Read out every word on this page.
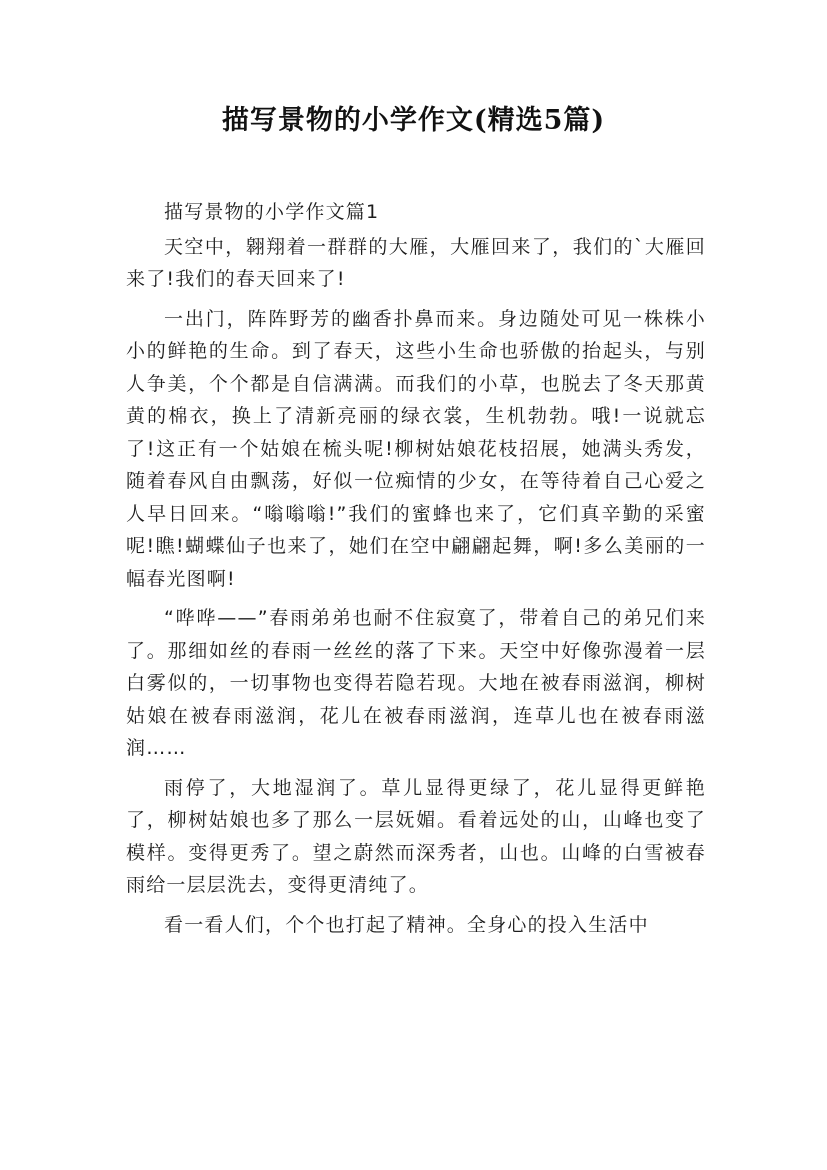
描写景物的小学作文(精选5篇)

描写景物的小学作文篇1

天空中，翱翔着一群群的大雁，大雁回来了，我们的`大雁回来了!我们的春天回来了!

一出门，阵阵野芳的幽香扑鼻而来。身边随处可见一株株小小的鲜艳的生命。到了春天，这些小生命也骄傲的抬起头，与别人争美，个个都是自信满满。而我们的小草，也脱去了冬天那黄黄的棉衣，换上了清新亮丽的绿衣裳，生机勃勃。哦!一说就忘了!这正有一个姑娘在梳头呢!柳树姑娘花枝招展，她满头秀发，随着春风自由飘荡，好似一位痴情的少女，在等待着自己心爱之人早日回来。“嗡嗡嗡!”我们的蜜蜂也来了，它们真辛勤的采蜜呢!瞧!蝴蝶仙子也来了，她们在空中翩翩起舞，啊!多么美丽的一幅春光图啊!

“哗哗——”春雨弟弟也耐不住寂寞了，带着自己的弟兄们来了。那细如丝的春雨一丝丝的落了下来。天空中好像弥漫着一层白雾似的，一切事物也变得若隐若现。大地在被春雨滋润，柳树姑娘在被春雨滋润，花儿在被春雨滋润，连草儿也在被春雨滋润……

雨停了，大地湿润了。草儿显得更绿了，花儿显得更鲜艳了，柳树姑娘也多了那么一层妩媚。看着远处的山，山峰也变了模样。变得更秀了。望之蔚然而深秀者，山也。山峰的白雪被春雨给一层层洗去，变得更清纯了。

看一看人们，个个也打起了精神。全身心的投入生活中
